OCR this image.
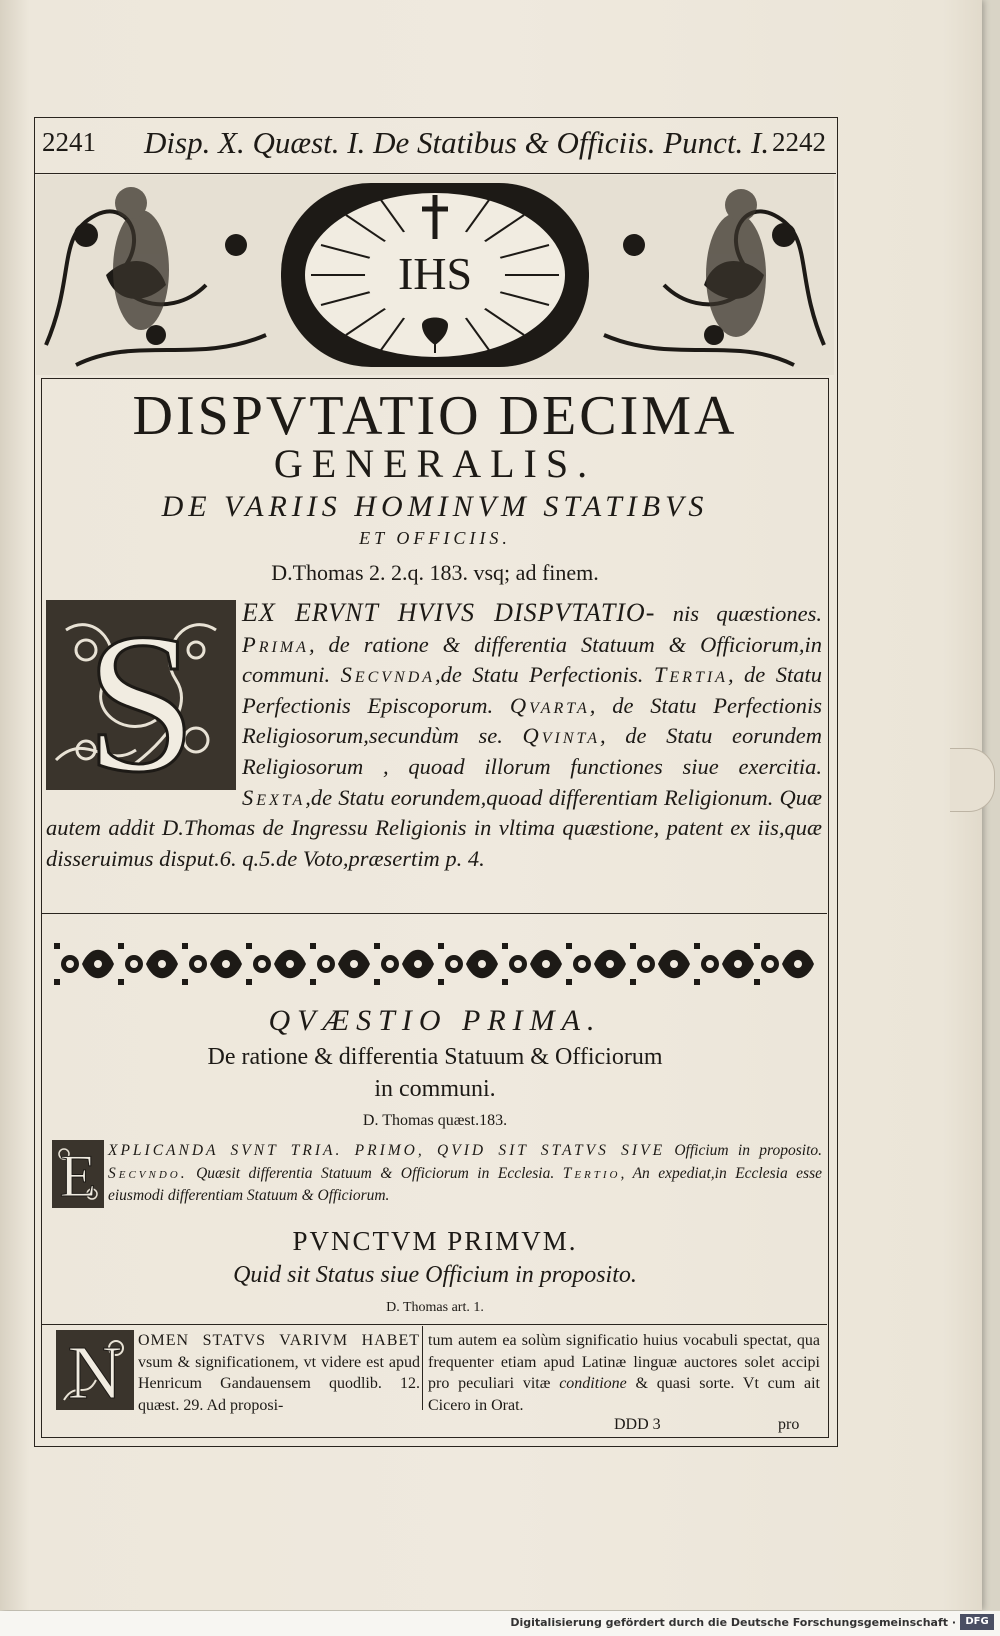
2241 Disp. X. Quæst. I. De Statibus & Officiis. Punct. I. 2242
IHS
DISPVTATIO DECIMA
GENERALIS.
DE VARIIS HOMINVM STATIBVS
ET OFFICIIS.
D.Thomas 2. 2.q. 183. vsq; ad finem.
S	EX ERVNT HVIVS DISPVTATIO- nis quæstiones. Prima, de ratione & differentia Statuum & Officiorum,in communi. Secvnda,de Statu Perfectionis. Tertia, de Statu Perfectionis Episcoporum. Qvarta, de Statu Perfectionis Religiosorum,secundùm se. Qvinta, de Statu eorundem Religiosorum , quoad illorum functiones siue exercitia. Sexta,de Statu eorundem,quoad differentiam Religionum. Quæ autem addit D.Thomas de Ingressu Religionis in vltima quæstione, patent ex iis,quæ disseruimus disput.6. q.5.de Voto,præsertim p. 4.
QVÆSTIO PRIMA.
De ratione & differentia Statuum & Officiorum
in communi.
D. Thomas quæst.183.
E XPLICANDA SVNT TRIA. PRIMO, QVID SIT STATVS SIVE Officium in proposito. Secvndo. Quæsit differentia Statuum & Officiorum in Ecclesia. Tertio, An expediat,in Ecclesia esse eiusmodi differentiam Statuum & Officiorum.
PVNCTVM PRIMVM.
Quid sit Status siue Officium in proposito.
D. Thomas art. 1.
N OMEN STATVS VARIVM HABET vsum & significationem, vt videre est apud Henricum Gandauensem quodlib. 12. quæst. 29. Ad proposi-
tum autem ea solùm significatio huius vocabuli spectat, qua frequenter etiam apud Latinæ linguæ auctores solet accipi pro peculiari vitæ conditione & quasi sorte. Vt cum ait Cicero in Orat.
DDD 3	pro
Digitalisierung gefördert durch die Deutsche Forschungsgemeinschaft · DFG
